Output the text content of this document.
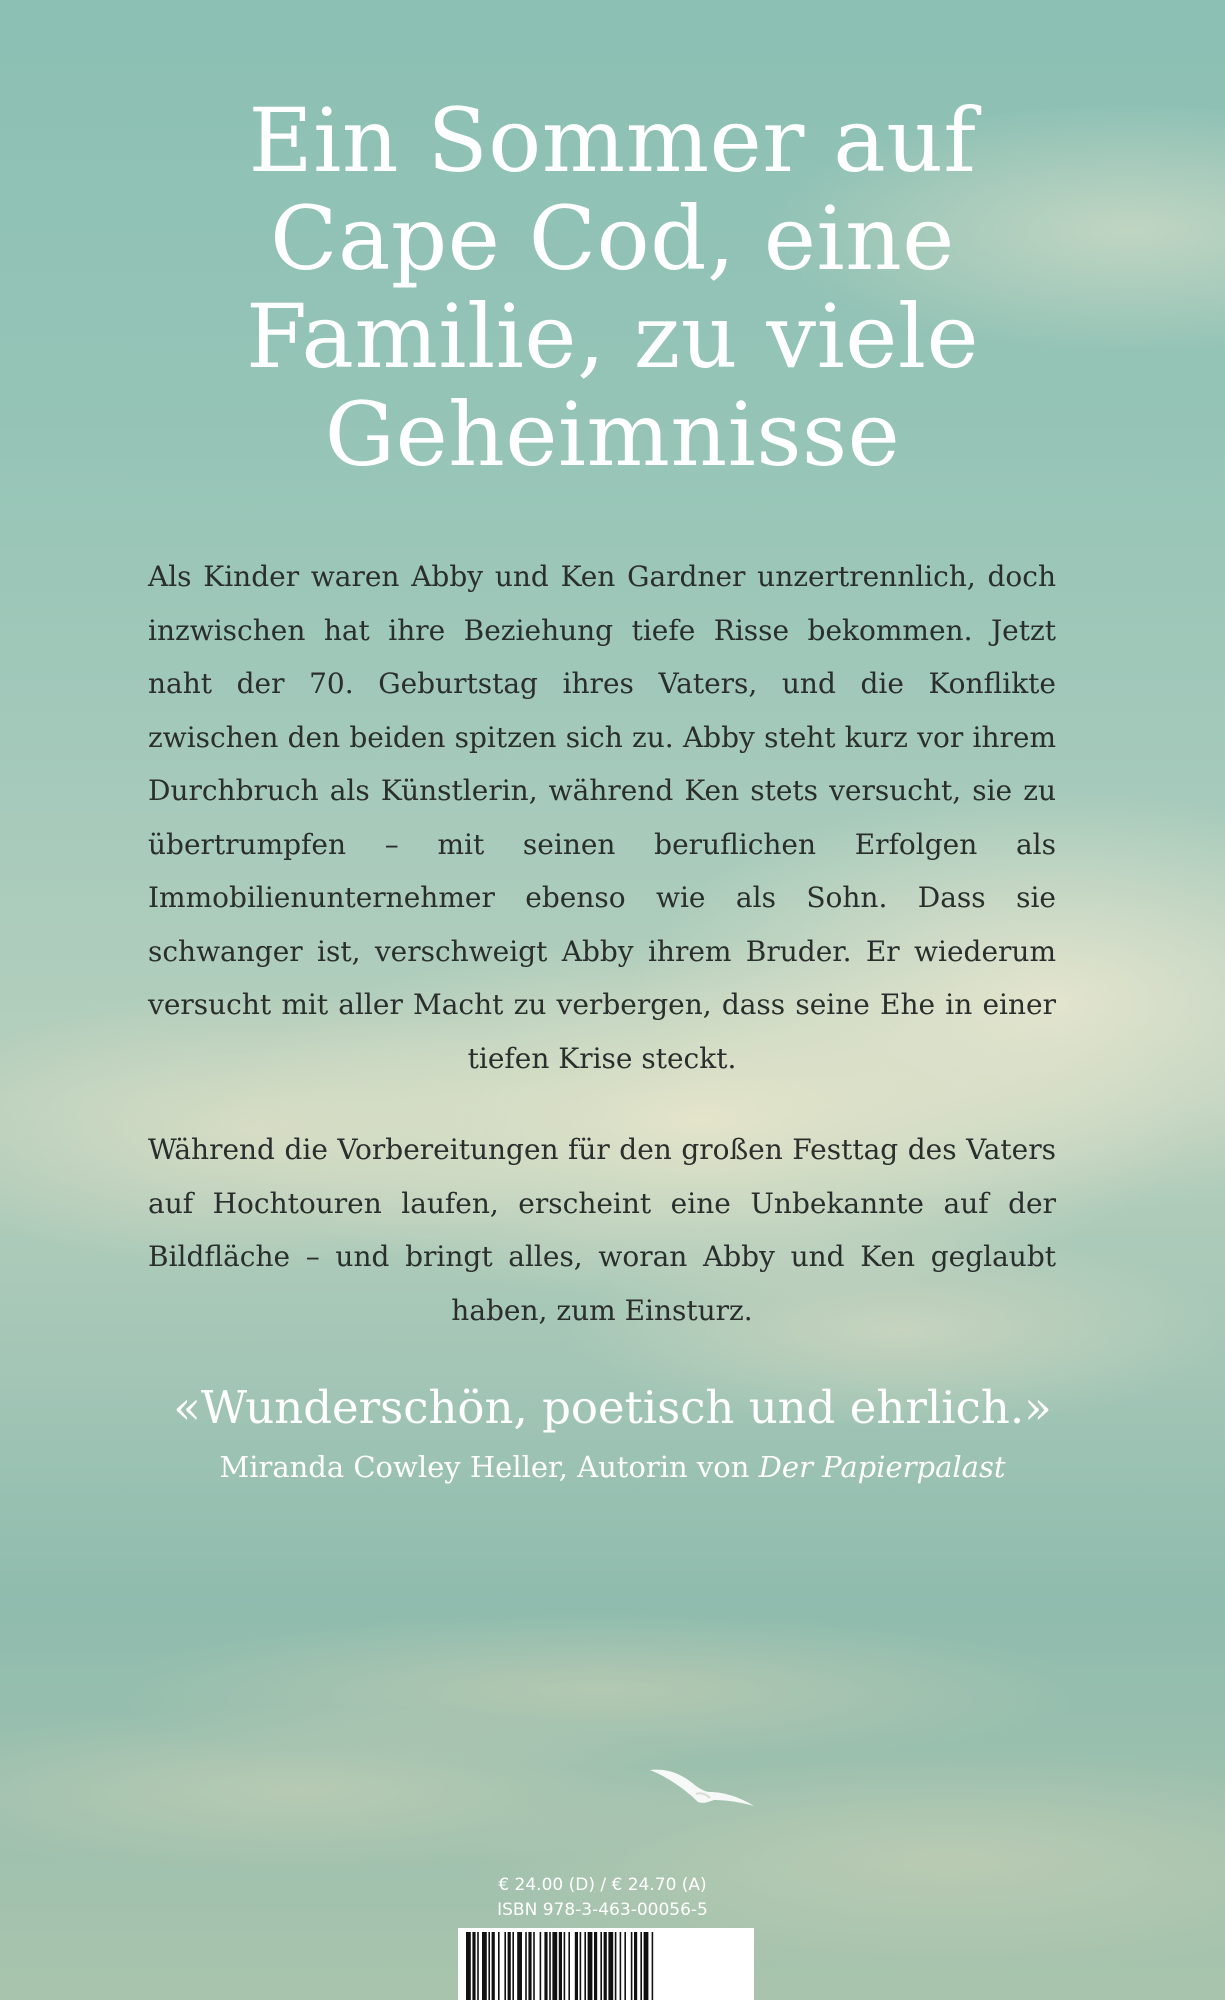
Ein Sommer auf
Cape Cod, eine
Familie, zu viele
Geheimnisse

Als Kinder waren Abby und Ken Gardner unzertrennlich, doch inzwischen hat ihre Beziehung tiefe Risse bekommen. Jetzt naht der 70. Geburtstag ihres Vaters, und die Konflikte zwischen den beiden spitzen sich zu. Abby steht kurz vor ihrem Durchbruch als Künstlerin, während Ken stets versucht, sie zu übertrumpfen – mit seinen beruflichen Erfolgen als Immobilienunternehmer ebenso wie als Sohn. Dass sie schwanger ist, verschweigt Abby ihrem Bruder. Er wiederum versucht mit aller Macht zu verbergen, dass seine Ehe in einer tiefen Krise steckt.

Während die Vorbereitungen für den großen Festtag des Vaters auf Hochtouren laufen, erscheint eine Unbekannte auf der Bildfläche – und bringt alles, woran Abby und Ken geglaubt haben, zum Einsturz.

«Wunderschön, poetisch und ehrlich.»
Miranda Cowley Heller, Autorin von Der Papierpalast
€ 24.00 (D) / € 24.70 (A)
ISBN 978-3-463-00056-5
